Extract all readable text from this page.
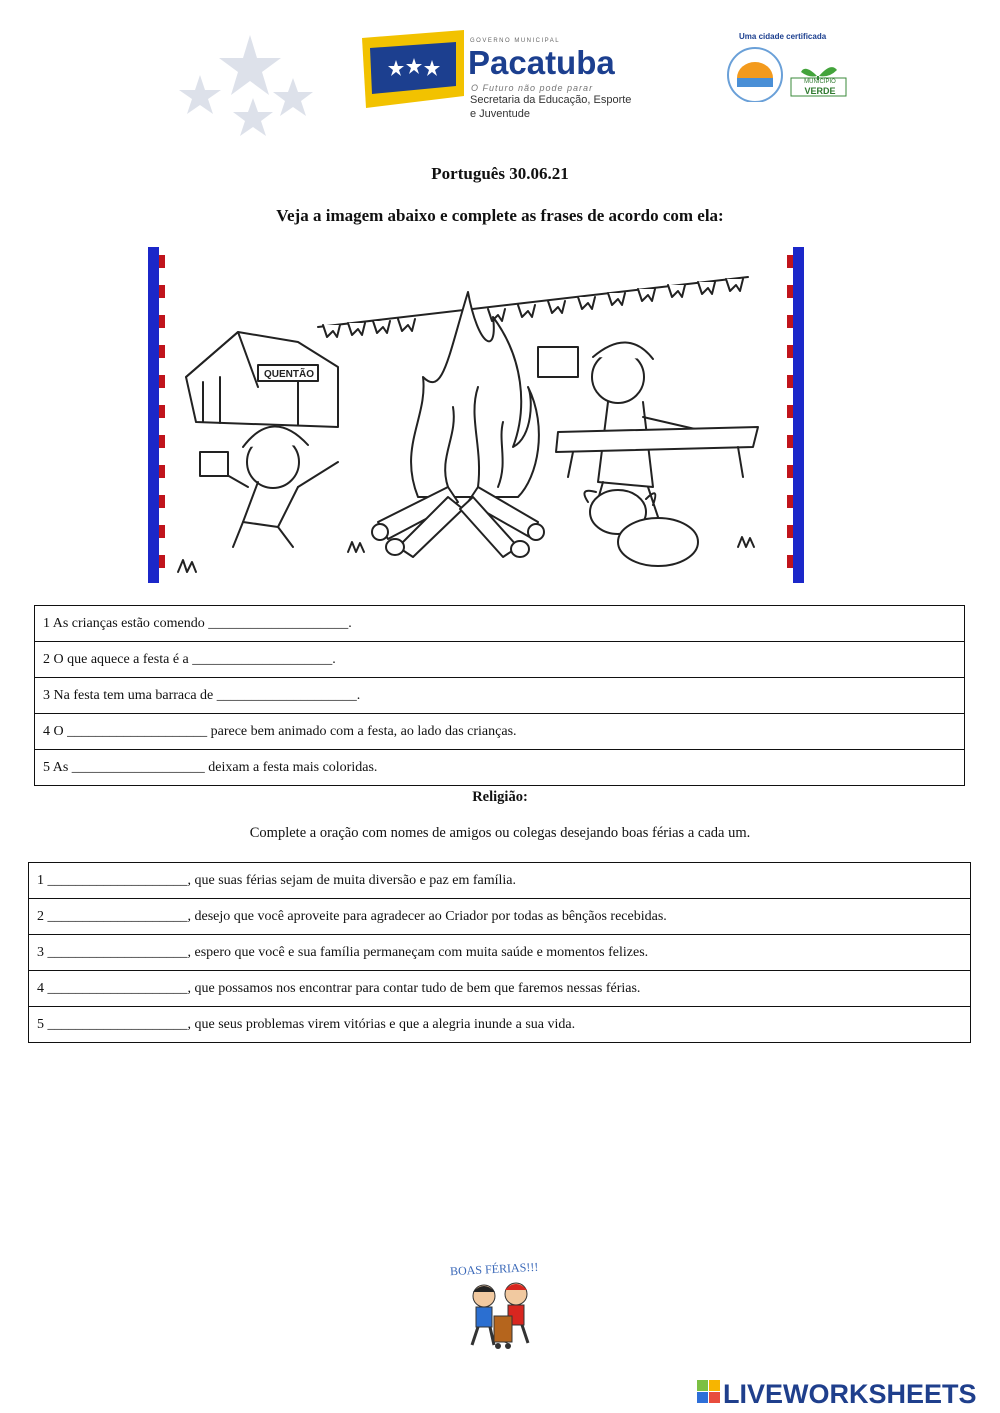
GOVERNO MUNICIPAL
Pacatuba
O Futuro não pode parar
Secretaria da Educação, Esporte
e Juventude
Uma cidade certificada
MUNICÍPIO
VERDE
Português 30.06.21
Veja a imagem abaixo e complete as frases de acordo com ela:
QUENTÃO
1 As crianças estão comendo ____________________.
2 O que aquece a festa é a ____________________.
3 Na festa tem uma barraca de ____________________.
4 O ____________________ parece bem animado com a festa, ao lado das crianças.
5 As ___________________ deixam a festa mais coloridas.
Religião:
Complete a oração com nomes de amigos ou colegas desejando boas férias a cada um.
1 ____________________, que suas férias sejam de muita diversão e paz em família.
2 ____________________, desejo que você aproveite para agradecer ao Criador por todas as bênçãos recebidas.
3 ____________________, espero que você e sua família permaneçam com muita saúde e momentos felizes.
4 ____________________, que possamos nos encontrar para contar tudo de bem que faremos nessas férias.
5 ____________________, que seus problemas virem vitórias e que a alegria inunde a sua vida.
BOAS FÉRIAS!!!
LIVEWORKSHEETS
